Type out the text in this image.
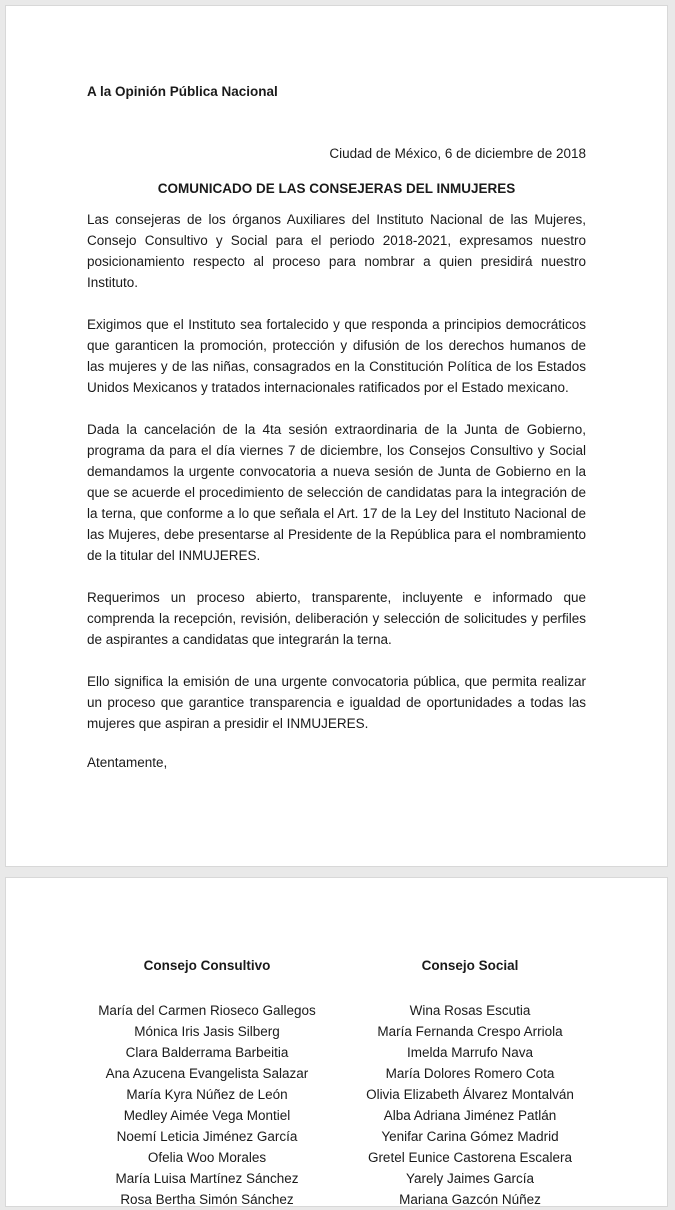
A la Opinión Pública Nacional

Ciudad de México, 6 de diciembre de 2018

COMUNICADO DE LAS CONSEJERAS DEL INMUJERES

Las consejeras de los órganos Auxiliares del Instituto Nacional de las Mujeres, Consejo Consultivo y Social para el periodo 2018-2021, expresamos nuestro posicionamiento respecto al proceso para nombrar a quien presidirá nuestro Instituto.

Exigimos que el Instituto sea fortalecido y que responda a principios democráticos que garanticen la promoción, protección y difusión de los derechos humanos de las mujeres y de las niñas, consagrados en la Constitución Política de los Estados Unidos Mexicanos y tratados internacionales ratificados por el Estado mexicano.

Dada la cancelación de la 4ta sesión extraordinaria de la Junta de Gobierno, programa da para el día viernes 7 de diciembre, los Consejos Consultivo y Social demandamos la urgente convocatoria a nueva sesión de Junta de Gobierno en la que se acuerde el procedimiento de selección de candidatas para la integración de la terna, que conforme a lo que señala el Art. 17 de la Ley del Instituto Nacional de las Mujeres, debe presentarse al Presidente de la República para el nombramiento de la titular del INMUJERES.

Requerimos un proceso abierto, transparente, incluyente e informado que comprenda la recepción, revisión, deliberación y selección de solicitudes y perfiles de aspirantes a candidatas que integrarán la terna.

Ello significa la emisión de una urgente convocatoria pública, que permita realizar un proceso que garantice transparencia e igualdad de oportunidades a todas las mujeres que aspiran a presidir el INMUJERES.

Atentamente,

Consejo Consultivo

María del Carmen Rioseco Gallegos
Mónica Iris Jasis Silberg
Clara Balderrama Barbeitia
Ana Azucena Evangelista Salazar
María Kyra Núñez de León
Medley Aimée Vega Montiel
Noemí Leticia Jiménez García
Ofelia Woo Morales
María Luisa Martínez Sánchez
Rosa Bertha Simón Sánchez

Consejo Social

Wina Rosas Escutia
María Fernanda Crespo Arriola
Imelda Marrufo Nava
María Dolores Romero Cota
Olivia Elizabeth Álvarez Montalván
Alba Adriana Jiménez Patlán
Yenifar Carina Gómez Madrid
Gretel Eunice Castorena Escalera
Yarely Jaimes García
Mariana Gazcón Núñez
